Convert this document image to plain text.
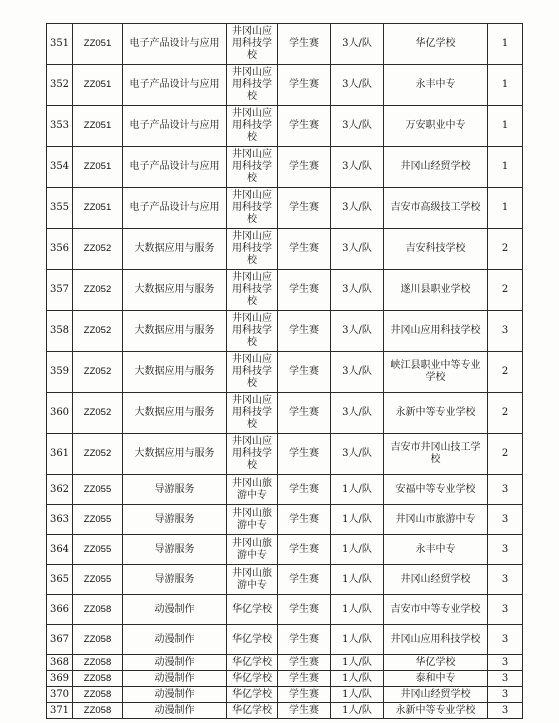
351	ZZ051	电子产品设计与应用	井冈山应用科技学校	学生赛	3人/队	华亿学校	1
352	ZZ051	电子产品设计与应用	井冈山应用科技学校	学生赛	3人/队	永丰中专	1
353	ZZ051	电子产品设计与应用	井冈山应用科技学校	学生赛	3人/队	万安职业中专	1
354	ZZ051	电子产品设计与应用	井冈山应用科技学校	学生赛	3人/队	井冈山经贸学校	1
355	ZZ051	电子产品设计与应用	井冈山应用科技学校	学生赛	3人/队	吉安市高级技工学校	1
356	ZZ052	大数据应用与服务	井冈山应用科技学校	学生赛	3人/队	吉安科技学校	2
357	ZZ052	大数据应用与服务	井冈山应用科技学校	学生赛	3人/队	遂川县职业学校	2
358	ZZ052	大数据应用与服务	井冈山应用科技学校	学生赛	3人/队	井冈山应用科技学校	3
359	ZZ052	大数据应用与服务	井冈山应用科技学校	学生赛	3人/队	峡江县职业中等专业学校	2
360	ZZ052	大数据应用与服务	井冈山应用科技学校	学生赛	3人/队	永新中等专业学校	2
361	ZZ052	大数据应用与服务	井冈山应用科技学校	学生赛	3人/队	吉安市井冈山技工学校	2
362	ZZ055	导游服务	井冈山旅游中专	学生赛	1人/队	安福中等专业学校	3
363	ZZ055	导游服务	井冈山旅游中专	学生赛	1人/队	井冈山市旅游中专	3
364	ZZ055	导游服务	井冈山旅游中专	学生赛	1人/队	永丰中专	3
365	ZZ055	导游服务	井冈山旅游中专	学生赛	1人/队	井冈山经贸学校	3
366	ZZ058	动漫制作	华亿学校	学生赛	1人/队	吉安市中等专业学校	3
367	ZZ058	动漫制作	华亿学校	学生赛	1人/队	井冈山应用科技学校	3
368	ZZ058	动漫制作	华亿学校	学生赛	1人/队	华亿学校	3
369	ZZ058	动漫制作	华亿学校	学生赛	1人/队	泰和中专	3
370	ZZ058	动漫制作	华亿学校	学生赛	1人/队	井冈山经贸学校	3
371	ZZ058	动漫制作	华亿学校	学生赛	1人/队	永新中等专业学校	3
